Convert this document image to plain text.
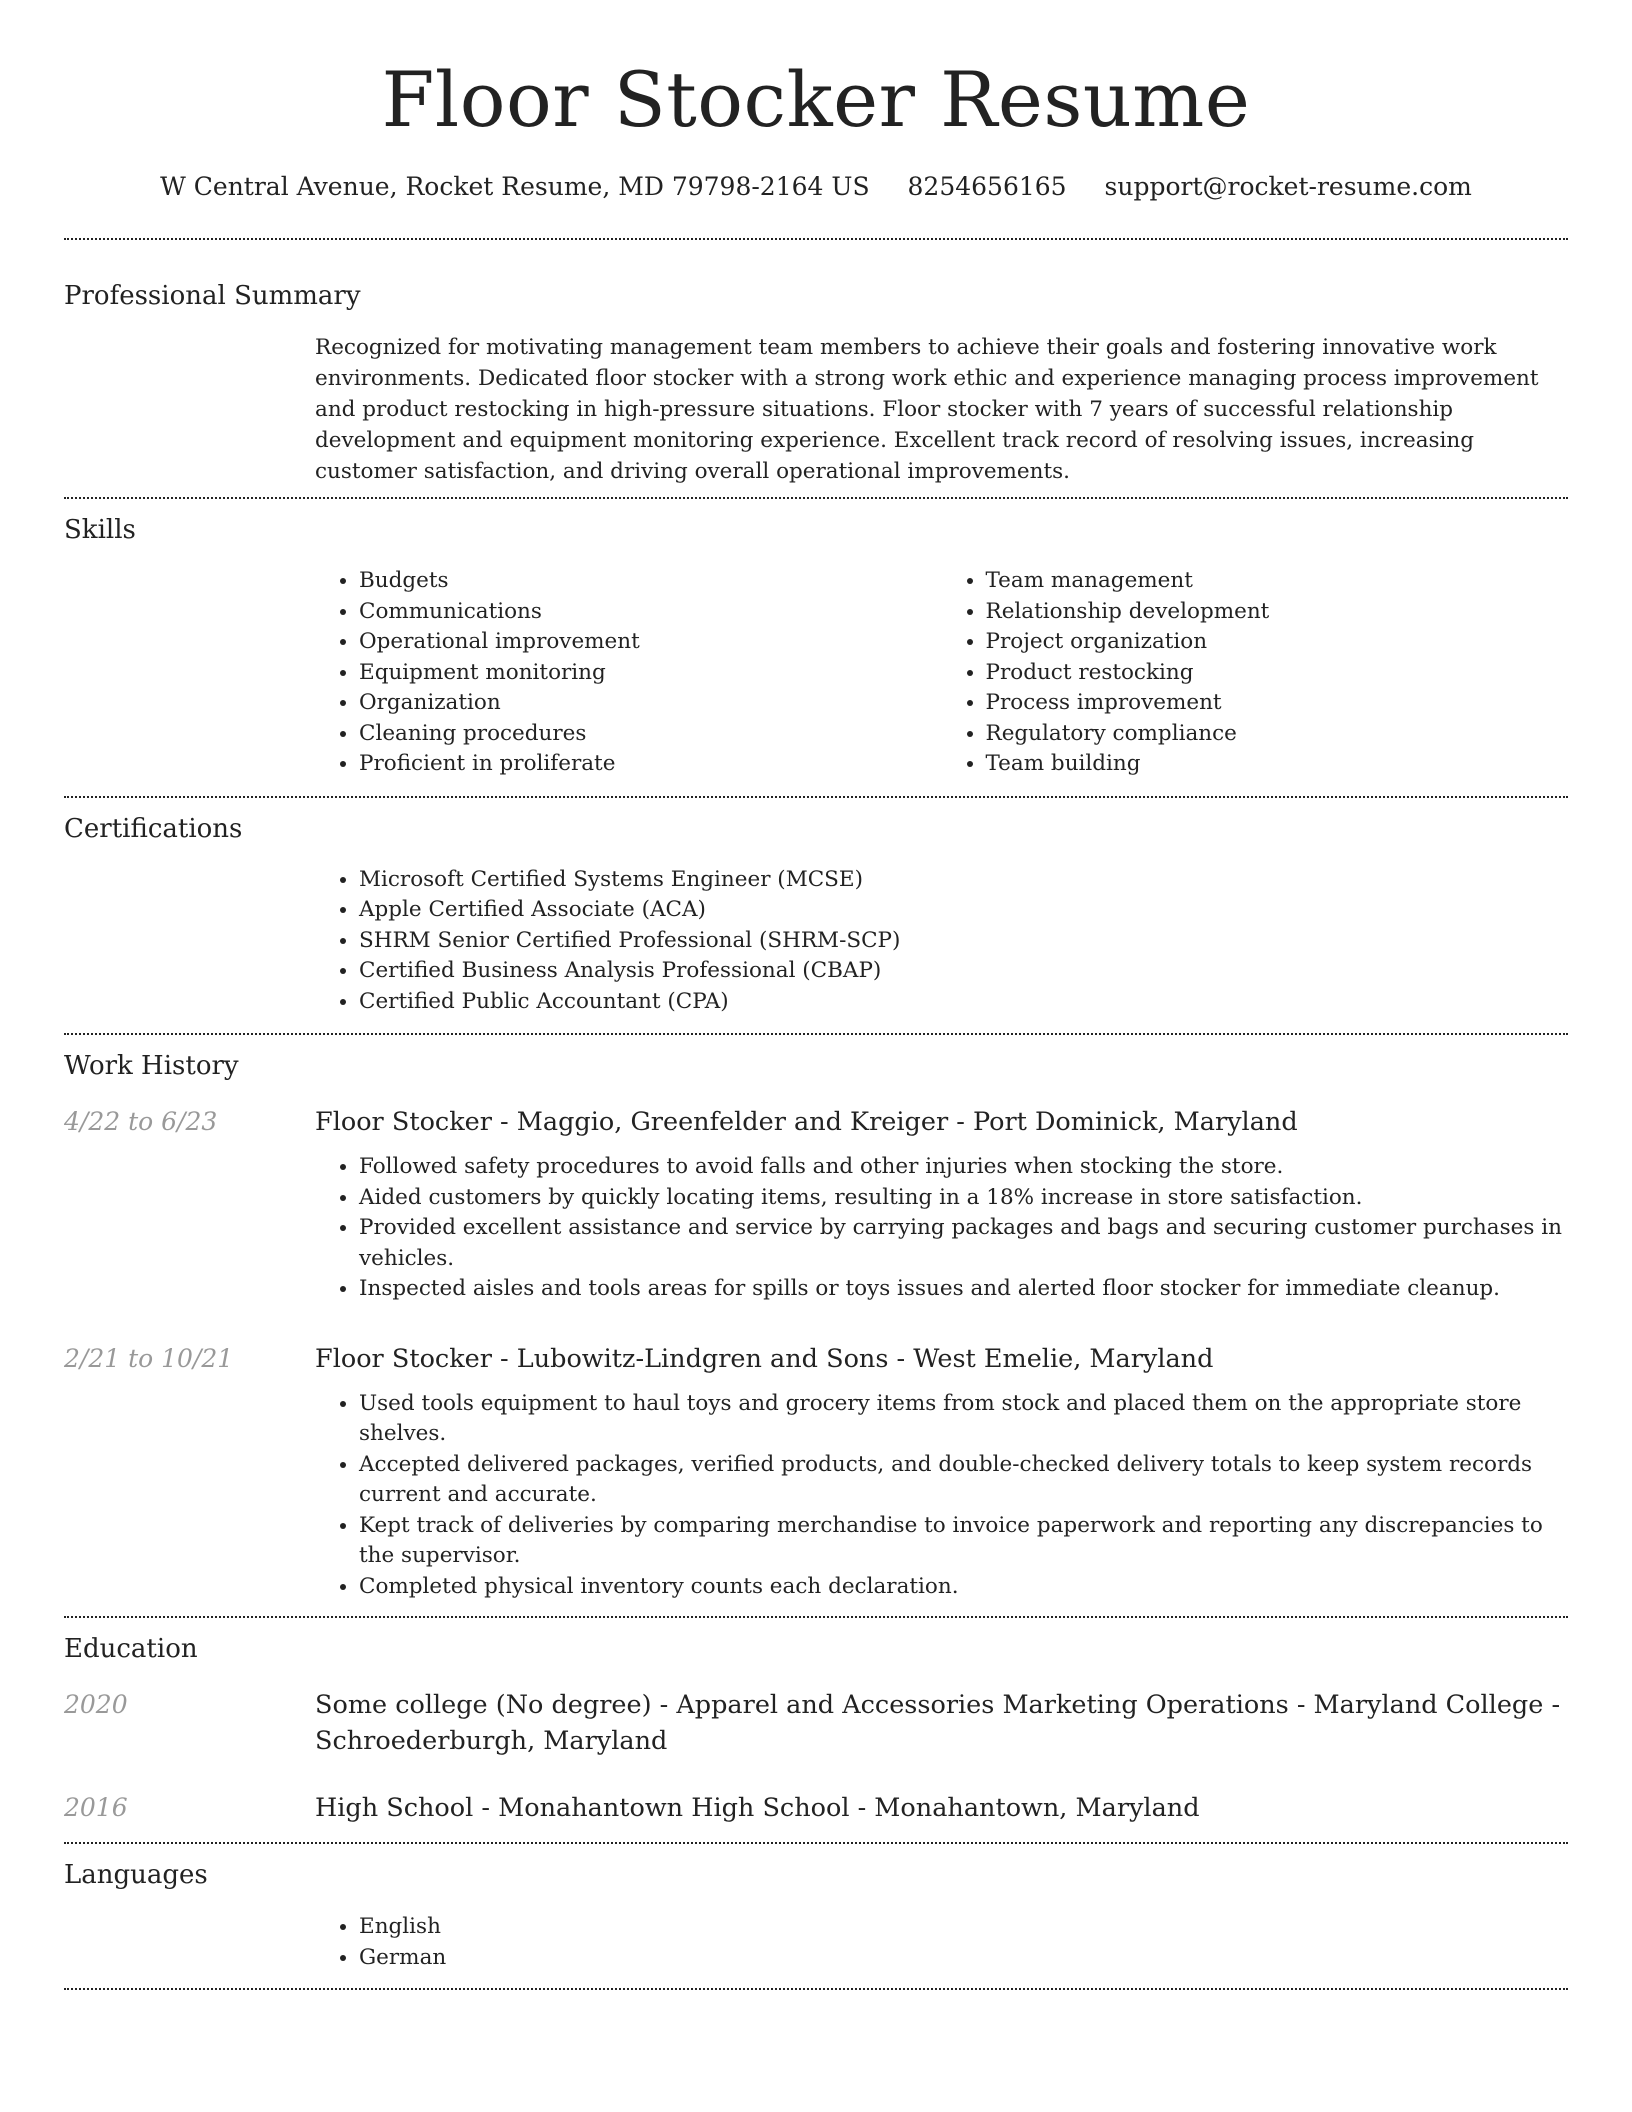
Floor Stocker Resume
W Central Avenue, Rocket Resume, MD 79798-2164 US 8254656165 support@rocket-resume.com
Professional Summary

Recognized for motivating management team members to achieve their goals and fostering innovative work environments. Dedicated floor stocker with a strong work ethic and experience managing process improvement and product restocking in high-pressure situations. Floor stocker with 7 years of successful relationship development and equipment monitoring experience. Excellent track record of resolving issues, increasing customer satisfaction, and driving overall operational improvements.

Skills
• Budgets
• Communications
• Operational improvement
• Equipment monitoring
• Organization
• Cleaning procedures
• Proficient in proliferate
• Team management
• Relationship development
• Project organization
• Product restocking
• Process improvement
• Regulatory compliance
• Team building
Certifications
• Microsoft Certified Systems Engineer (MCSE)
• Apple Certified Associate (ACA)
• SHRM Senior Certified Professional (SHRM-SCP)
• Certified Business Analysis Professional (CBAP)
• Certified Public Accountant (CPA)
Work History
4/22 to 6/23	Floor Stocker - Maggio, Greenfelder and Kreiger - Port Dominick, Maryland
• Followed safety procedures to avoid falls and other injuries when stocking the store.
• Aided customers by quickly locating items, resulting in a 18% increase in store satisfaction.
• Provided excellent assistance and service by carrying packages and bags and securing customer purchases in vehicles.
• Inspected aisles and tools areas for spills or toys issues and alerted floor stocker for immediate cleanup.
2/21 to 10/21	Floor Stocker - Lubowitz-Lindgren and Sons - West Emelie, Maryland
• Used tools equipment to haul toys and grocery items from stock and placed them on the appropriate store shelves.
• Accepted delivered packages, verified products, and double-checked delivery totals to keep system records current and accurate.
• Kept track of deliveries by comparing merchandise to invoice paperwork and reporting any discrepancies to the supervisor.
• Completed physical inventory counts each declaration.
Education
2020	Some college (No degree) - Apparel and Accessories Marketing Operations - Maryland College - Schroederburgh, Maryland
2016	High School - Monahantown High School - Monahantown, Maryland
Languages
• English
• German
